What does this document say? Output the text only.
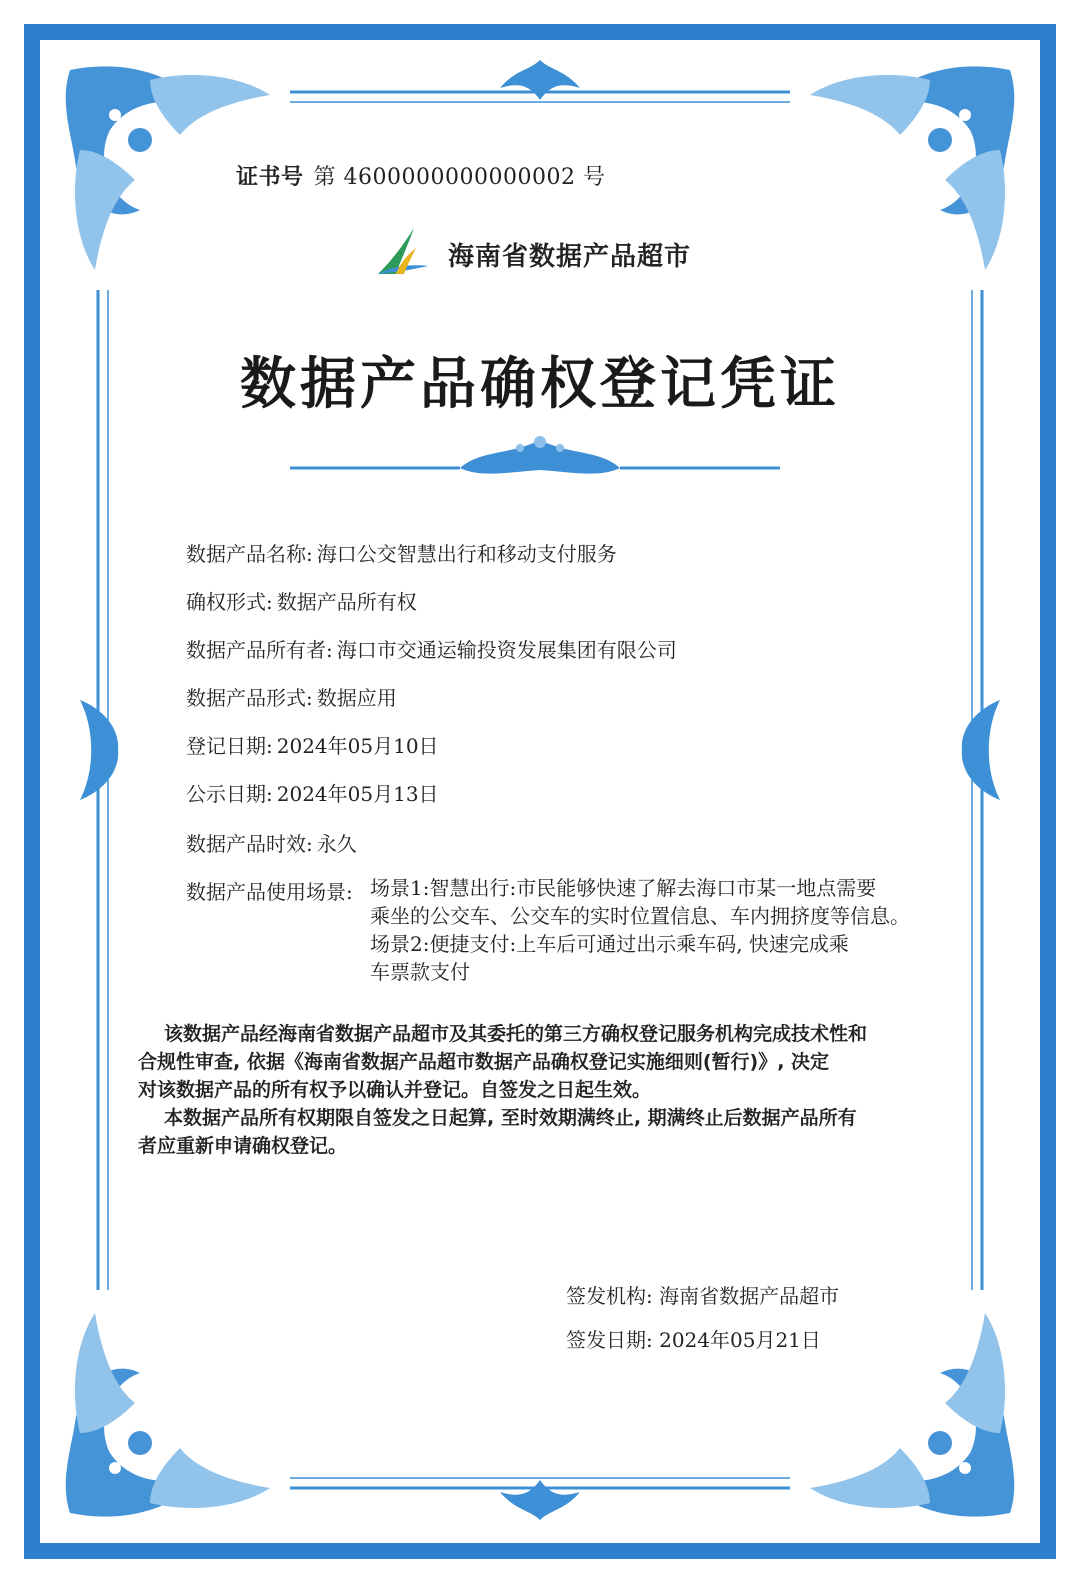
证书号 第 4600000000000002 号
海南省数据产品超市
数据产品确权登记凭证
数据产品名称: 海口公交智慧出行和移动支付服务
确权形式: 数据产品所有权
数据产品所有者: 海口市交通运输投资发展集团有限公司
数据产品形式: 数据应用
登记日期: 2024年05月10日
公示日期: 2024年05月13日
数据产品时效: 永久
数据产品使用场景: 场景1:智慧出行:市民能够快速了解去海口市某一地点需要
乘坐的公交车、公交车的实时位置信息、车内拥挤度等信息。
场景2:便捷支付:上车后可通过出示乘车码, 快速完成乘
车票款支付
该数据产品经海南省数据产品超市及其委托的第三方确权登记服务机构完成技术性和
合规性审查, 依据《海南省数据产品超市数据产品确权登记实施细则(暂行)》, 决定
对该数据产品的所有权予以确认并登记。自签发之日起生效。
本数据产品所有权期限自签发之日起算, 至时效期满终止, 期满终止后数据产品所有
者应重新申请确权登记。
签发机构: 海南省数据产品超市
签发日期: 2024年05月21日
